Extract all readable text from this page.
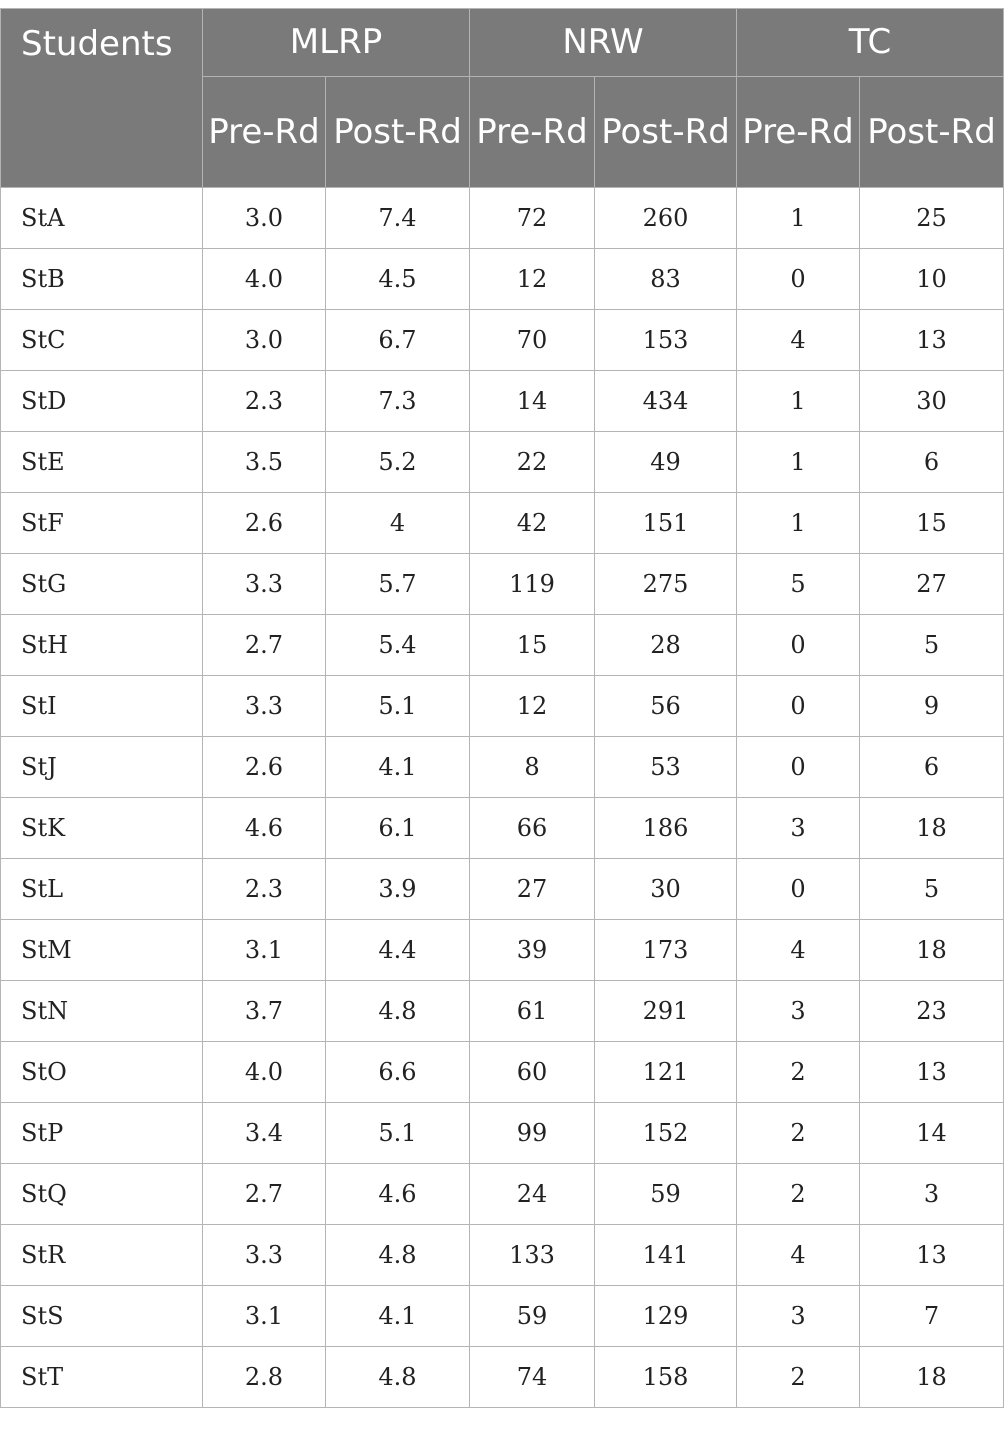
Students	MLRP		NRW		TC	
	Pre-Rd	Post-Rd	Pre-Rd	Post-Rd	Pre-Rd	Post-Rd
StA	3.0	7.4	72	260	1	25
StB	4.0	4.5	12	83	0	10
StC	3.0	6.7	70	153	4	13
StD	2.3	7.3	14	434	1	30
StE	3.5	5.2	22	49	1	6
StF	2.6	4	42	151	1	15
StG	3.3	5.7	119	275	5	27
StH	2.7	5.4	15	28	0	5
StI	3.3	5.1	12	56	0	9
StJ	2.6	4.1	8	53	0	6
StK	4.6	6.1	66	186	3	18
StL	2.3	3.9	27	30	0	5
StM	3.1	4.4	39	173	4	18
StN	3.7	4.8	61	291	3	23
StO	4.0	6.6	60	121	2	13
StP	3.4	5.1	99	152	2	14
StQ	2.7	4.6	24	59	2	3
StR	3.3	4.8	133	141	4	13
StS	3.1	4.1	59	129	3	7
StT	2.8	4.8	74	158	2	18
